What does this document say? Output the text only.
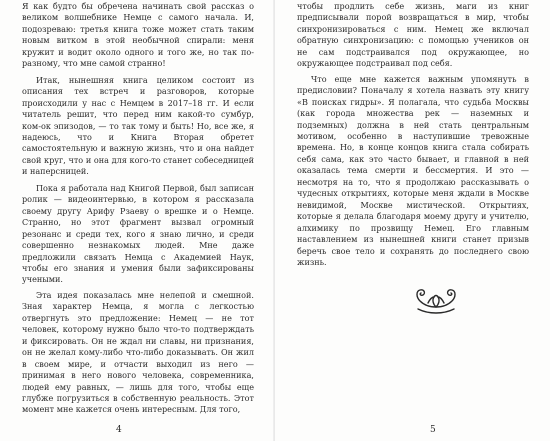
Я как будто бы обречена начинать свой рассказ о великом волшебнике Немце с самого начала. И, подозреваю: третья книга тоже может стать таким новым витком в этой необычной спирали: меня кружит и водит около одного и того же, но так по-разному, что мне самой странно!

Итак, нынешняя книга целиком состоит из описания тех встреч и разговоров, которые происходили у нас с Немцем в 2017–18 гг. И если читатель решит, что перед ним какой-то сумбур, ком-ок эпизодов, — то так тому и быть! Но, все же, я надеюсь, что и Книга Вторая обретет самостоятельную и важную жизнь, что и она найдет свой круг, что и она для кого-то станет собеседницей и наперсницей.

Пока я работала над Книгой Первой, был записан ролик — видеоинтервью, в котором я рассказала своему другу Арифу Рзаеву о врешке и о Немце. Странно, но этот фрагмент вызвал огромный резонанс и среди тех, кого я знаю лично, и среди совершенно незнакомых людей. Мне даже предложили связать Немца с Академией Наук, чтобы его знания и умения были зафиксированы учеными.

Эта идея показалась мне нелепой и смешной. Зная характер Немца, я могла с легкостью отвергнуть это предложение: Немец — не тот человек, которому нужно было что-то подтверждать и фиксировать. Он не ждал ни славы, ни признания, он не желал кому-либо что-либо доказывать. Он жил в своем мире, и отчасти выходил из него — принимая в него нового человека, современника, людей ему равных, — лишь для того, чтобы еще глубже погрузиться в собственную реальность. Этот момент мне кажется очень интересным. Для того,

4

чтобы продлить себе жизнь, маги из книг предписывали порой возвращаться в мир, чтобы синхронизироваться с ним. Немец же включал обратную синхронизацию: с помощью учеников он не сам подстраивался под окружающее, но окружающее подстраивал под себя.

Что еще мне кажется важным упомянуть в предисловии? Поначалу я хотела назвать эту книгу «В поисках гидры». Я полагала, что судьба Москвы (как города множества рек — наземных и подземных) должна в ней стать центральным мотивом, особенно в наступившие тревожные времена. Но, в конце концов книга стала собирать себя сама, как это часто бывает, и главной в ней оказалась тема смерти и бессмертия. И это — несмотря на то, что я продолжаю рассказывать о чудесных открытиях, которые меня ждали в Москве невидимой, Москве мистической. Открытиях, которые я делала благодаря моему другу и учителю, алхимику по прозвищу Немец. Его главным наставлением из нынешней книги станет призыв беречь свое тело и сохранять до последнего свою жизнь.

5
